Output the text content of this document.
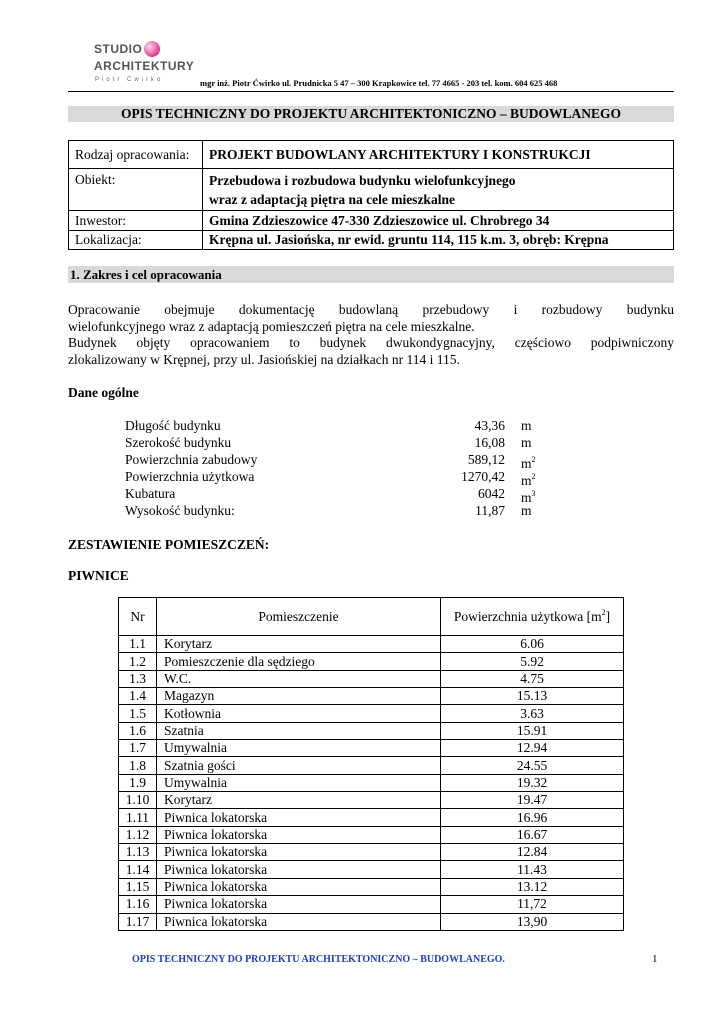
STUDIO
ARCHITEKTURY
Piotr Ćwirko	mgr inż. Piotr Ćwirko ul. Prudnicka 5 47 – 300 Krapkowice tel. 77 4665 - 203 tel. kom. 604 625 468
OPIS TECHNICZNY DO PROJEKTU ARCHITEKTONICZNO – BUDOWLANEGO
Rodzaj opracowania:	PROJEKT BUDOWLANY ARCHITEKTURY I KONSTRUKCJI
Obiekt:	Przebudowa i rozbudowa budynku wielofunkcyjnego
wraz z adaptacją piętra na cele mieszkalne

Inwestor:	Gmina Zdzieszowice 47-330 Zdzieszowice ul. Chrobrego 34
Lokalizacja:	Krępna ul. Jasiońska, nr ewid. gruntu 114, 115 k.m. 3, obręb: Krępna
1. Zakres i cel opracowania
Opracowanie obejmuje dokumentację budowlaną przebudowy i rozbudowy budynku
wielofunkcyjnego wraz z adaptacją pomieszczeń piętra na cele mieszkalne.
Budynek objęty opracowaniem to budynek dwukondygnacyjny, częściowo podpiwniczony
zlokalizowany w Krępnej, przy ul. Jasiońskiej na działkach nr 114 i 115.
Dane ogólne
Długość budynku	43,36 m
Szerokość budynku	16,08 m
Powierzchnia zabudowy	589,12 $m^2$
Powierzchnia użytkowa	1270,42 $m^2$
Kubatura	6042 $m^3$
Wysokość budynku:	11,87 m
ZESTAWIENIE POMIESZCZEŃ:
PIWNICE
Nr	Pomieszczenie	Powierzchnia użytkowa $[m^2]$
1.1	Korytarz	6.06
1.2	Pomieszczenie dla sędziego	5.92
1.3	W.C.	4.75
1.4	Magazyn	15.13
1.5	Kotłownia	3.63
1.6	Szatnia	15.91
1.7	Umywalnia	12.94
1.8	Szatnia gości	24.55
1.9	Umywalnia	19.32
1.10	Korytarz	19.47
1.11	Piwnica lokatorska	16.96
1.12	Piwnica lokatorska	16.67
1.13	Piwnica lokatorska	12.84
1.14	Piwnica lokatorska	11.43
1.15	Piwnica lokatorska	13.12
1.16	Piwnica lokatorska	11,72
1.17	Piwnica lokatorska	13,90
OPIS TECHNICZNY DO PROJEKTU ARCHITEKTONICZNO – BUDOWLANEGO.	1
